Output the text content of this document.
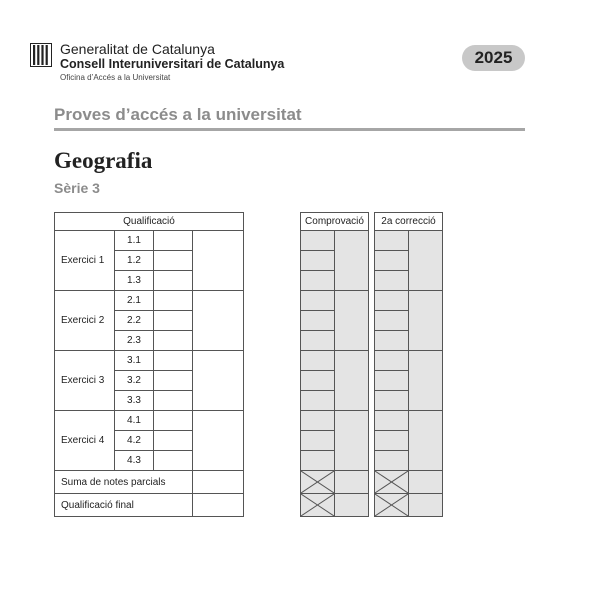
Generalitat de Catalunya
Consell Interuniversitari de Catalunya
Oficina d’Accés a la Universitat
2025
Proves d’accés a la universitat
Geografia
Sèrie 3
Qualificació			
Exercici 1	1.1		
	1.2		
	1.3		
Exercici 2	2.1		
	2.2		
	2.3		
Exercici 3	3.1		
	3.2		
	3.3		
Exercici 4	4.1		
	4.2		
	4.3		
Suma de notes parcials			
Qualificació final			
Comprovació	

	2a correcció	
